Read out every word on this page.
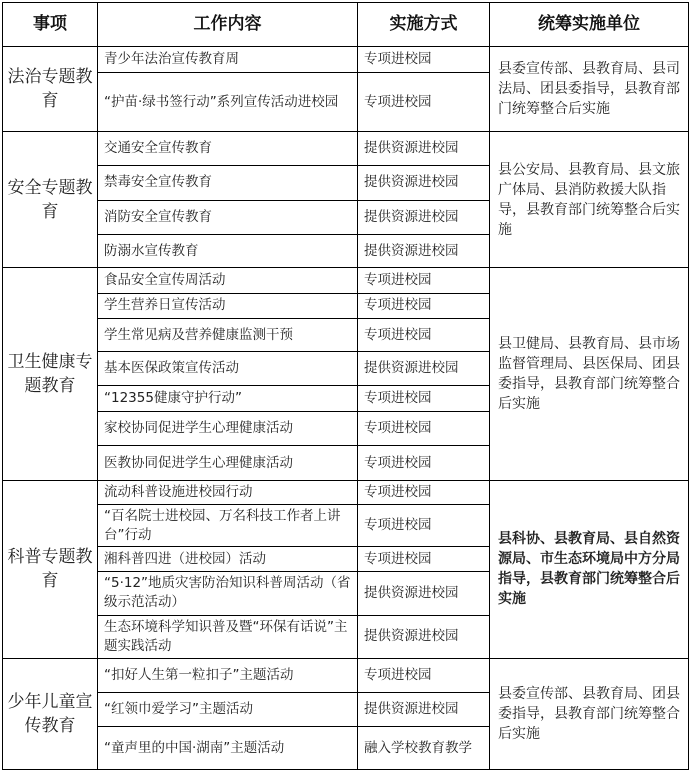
事项	工作内容	实施方式	统筹实施单位
法治专题教育	青少年法治宣传教育周	专项进校园	县委宣传部、县教育局、县司法局、团县委指导，县教育部门统筹整合后实施
	“护苗·绿书签行动”系列宣传活动进校园	专项进校园	
安全专题教育	交通安全宣传教育	提供资源进校园	县公安局、县教育局、县文旅广体局、县消防救援大队指导，县教育部门统筹整合后实施
	禁毒安全宣传教育	提供资源进校园	
	消防安全宣传教育	提供资源进校园	
	防溺水宣传教育	提供资源进校园	
卫生健康专题教育	食品安全宣传周活动	专项进校园	县卫健局、县教育局、县市场监督管理局、县医保局、团县委指导，县教育部门统筹整合后实施
	学生营养日宣传活动	专项进校园	
	学生常见病及营养健康监测干预	专项进校园	
	基本医保政策宣传活动	提供资源进校园	
	“12355健康守护行动”	专项进校园	
	家校协同促进学生心理健康活动	专项进校园	
	医教协同促进学生心理健康活动	专项进校园	
科普专题教育	流动科普设施进校园行动	专项进校园	县科协、县教育局、县自然资源局、市生态环境局中方分局指导，县教育部门统筹整合后实施
	“百名院士进校园、万名科技工作者上讲台”行动	专项进校园	
	湘科普四进（进校园）活动	专项进校园	
	“5·12”地质灾害防治知识科普周活动（省级示范活动）	提供资源进校园	
	生态环境科学知识普及暨“环保有话说”主题实践活动	提供资源进校园	
少年儿童宣传教育	“扣好人生第一粒扣子”主题活动	专项进校园	县委宣传部、县教育局、团县委指导，县教育部门统筹整合后实施
	“红领巾爱学习”主题活动	提供资源进校园	
	“童声里的中国·湖南”主题活动	融入学校教育教学	
